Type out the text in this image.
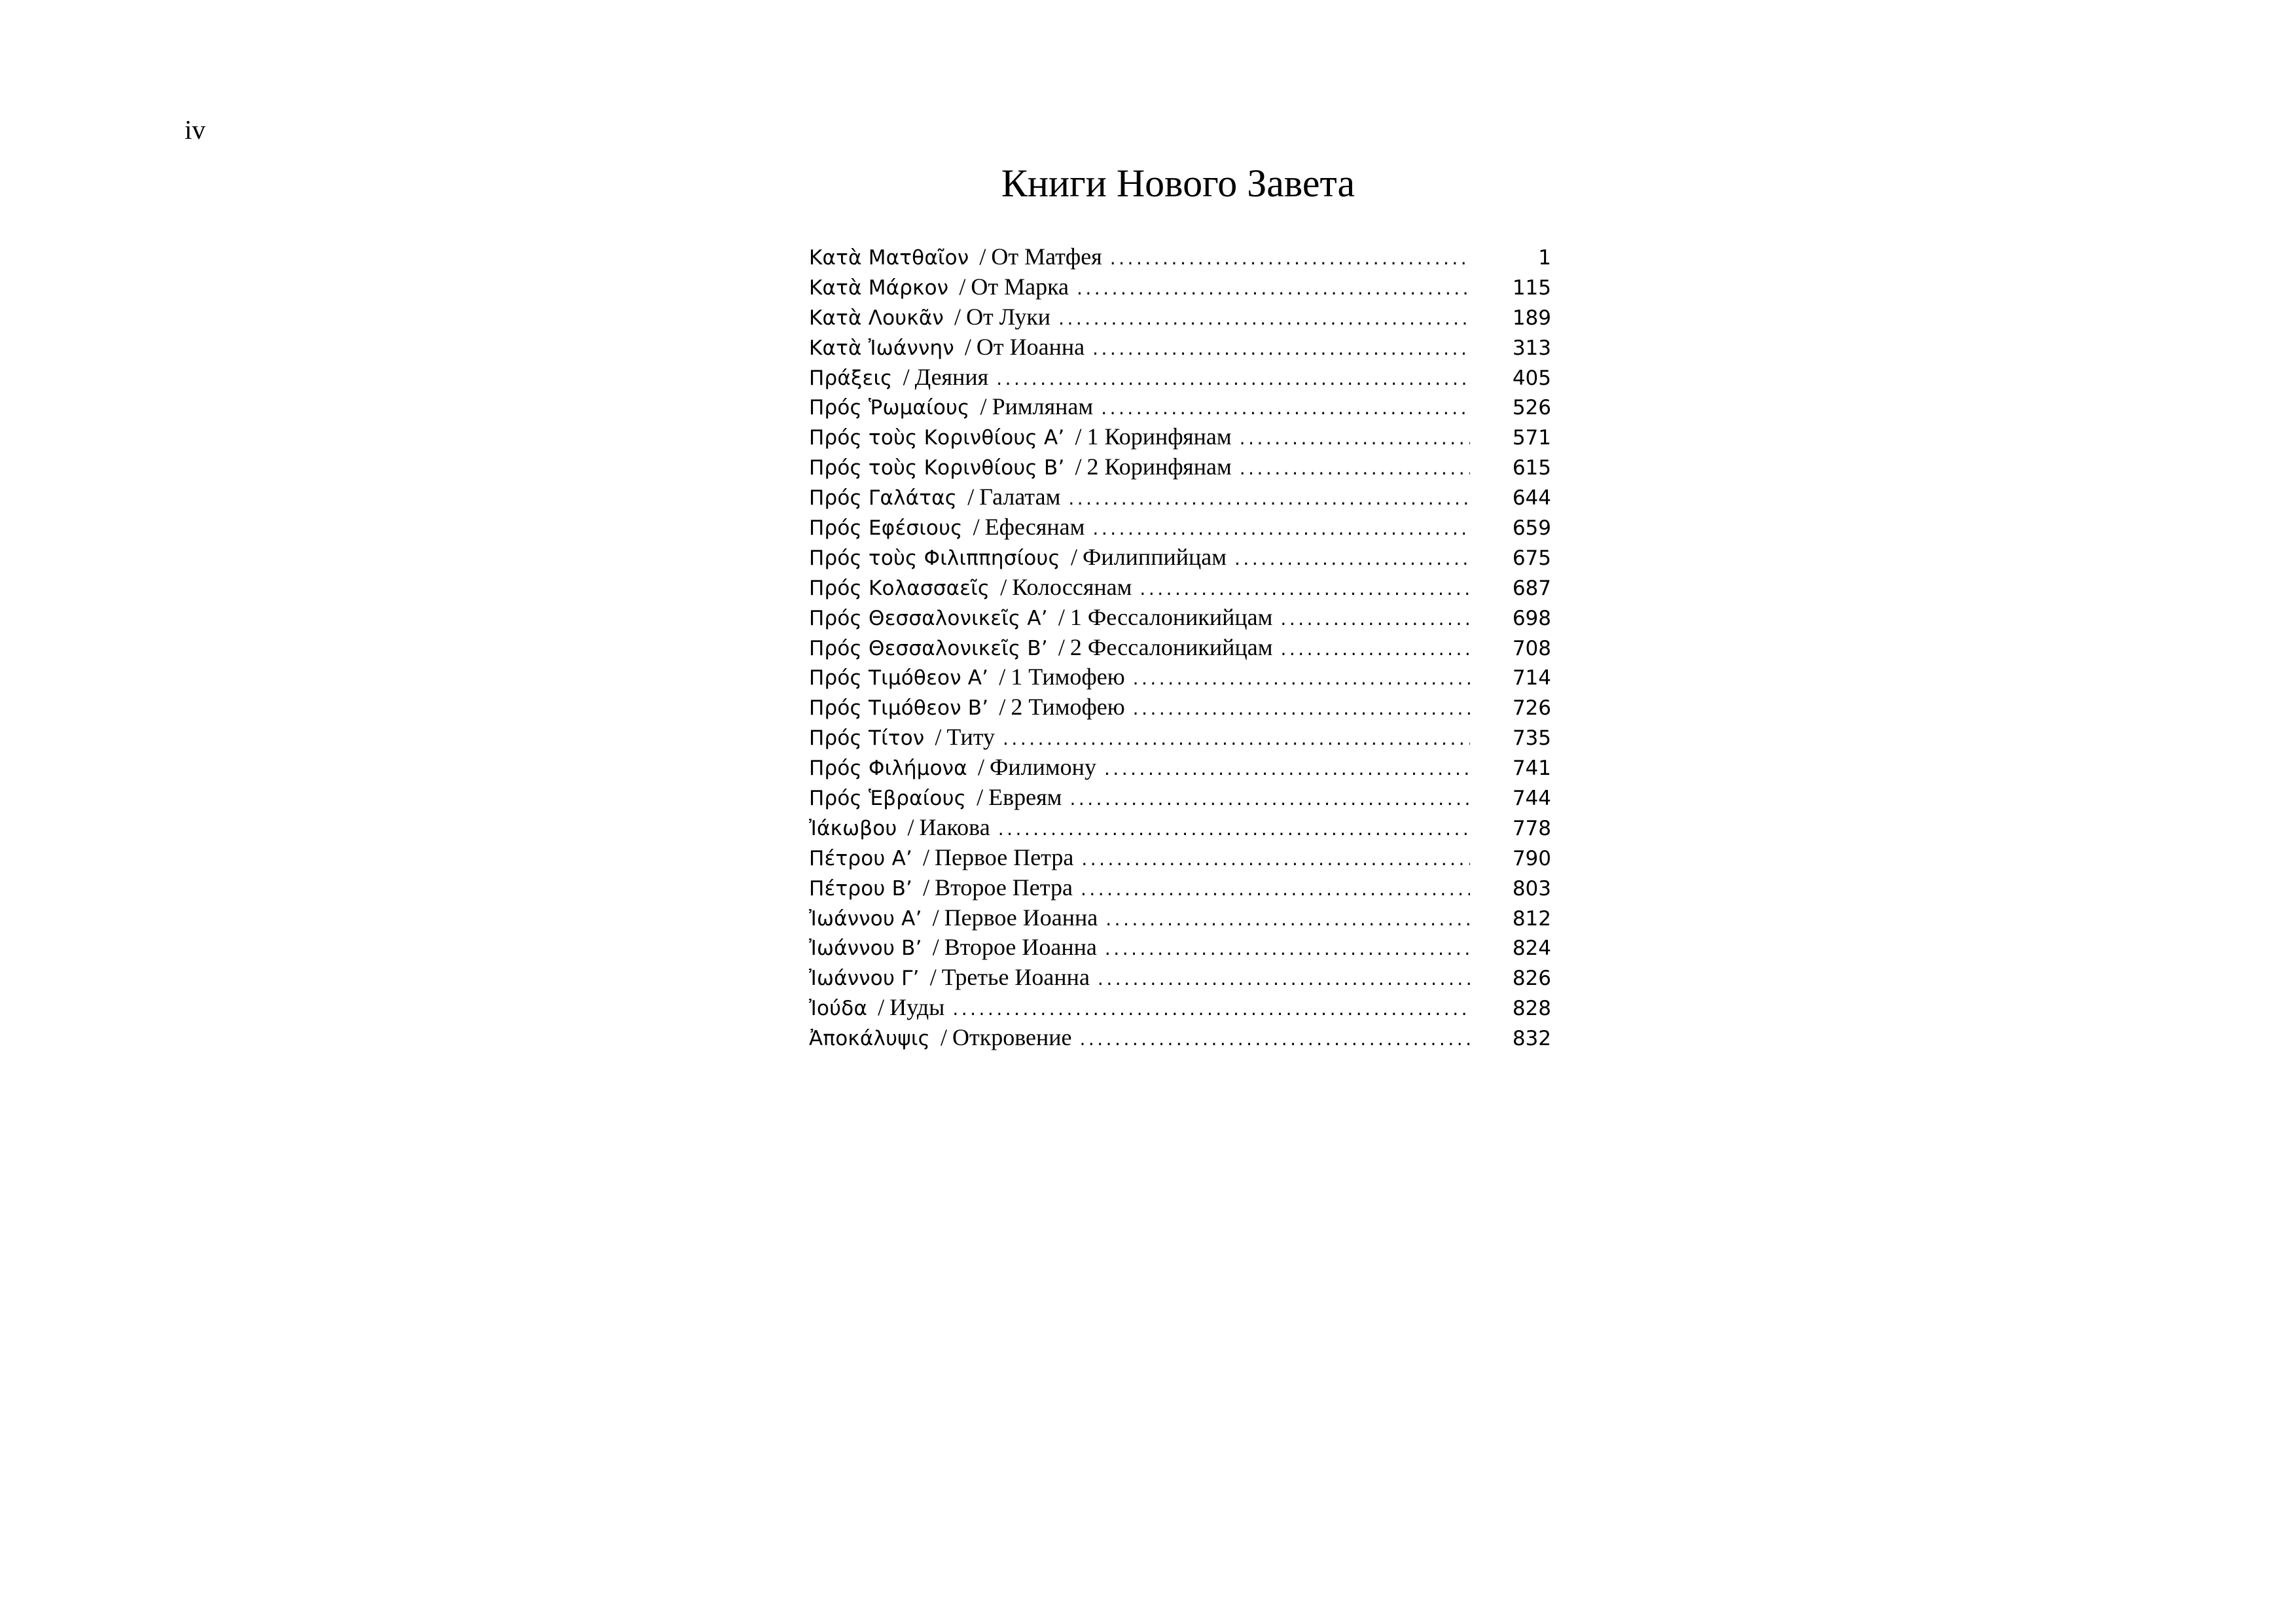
iv
Книги Нового Завета
Κατὰ Ματθαῖον / От Матфея . . .	1
Κατὰ Μάρκον / От Марка . . .	115
Κατὰ Λουκᾶν / От Луки . . .	189
Κατὰ Ἰωάννην / От Иоанна . . .	313
Πράξεις / Деяния . . .	405
Πρός Ῥωμαίους / Римлянам . . .	526
Πρός τοὺς Κορινθίους Α’ / 1 Коринфянам . . .	571
Πρός τοὺς Κορινθίους Β’ / 2 Коринфянам . . .	615
Πρός Γαλάτας / Галатам . . .	644
Πρός Εφέσιους / Ефесянам . . .	659
Πρός τοὺς Φιλιππησίους / Филиппийцам . . .	675
Πρός Κολασσαεῖς / Колоссянам . . .	687
Πρός Θεσσαλονικεῖς Α’ / 1 Фессалоникийцам . . .	698
Πρός Θεσσαλονικεῖς Β’ / 2 Фессалоникийцам . . .	708
Πρός Τιμόθεον Α’ / 1 Тимофею . . .	714
Πρός Τιμόθεον Β’ / 2 Тимофею . . .	726
Πρός Τίτον / Титу . . .	735
Πρός Φιλήμονα / Филимону . . .	741
Πρός Ἑβραίους / Евреям . . .	744
Ἰάκωβου / Иакова . . .	778
Πέτρου Α’ / Первое Петра . . .	790
Πέτρου Β’ / Второе Петра . . .	803
Ἰωάννου Α’ / Первое Иоанна . . .	812
Ἰωάννου Β’ / Второе Иоанна . . .	824
Ἰωάννου Γ’ / Третье Иоанна . . .	826
Ἰούδα / Иуды . . .	828
Ἀποκάλυψις / Откровение . . .	832
